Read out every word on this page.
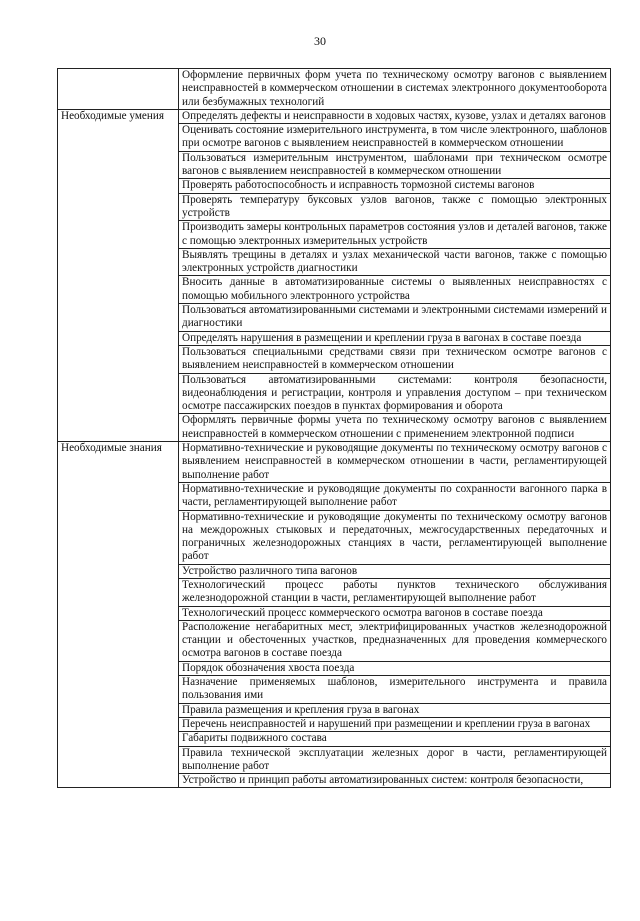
30
	Оформление первичных форм учета по техническому осмотру вагонов с выявлением неисправностей в коммерческом отношении в системах электронного документооборота или безбумажных технологий
Необходимые умения	Определять дефекты и неисправности в ходовых частях, кузове, узлах и деталях вагонов
	Оценивать состояние измерительного инструмента, в том числе электронного, шаблонов при осмотре вагонов с выявлением неисправностей в коммерческом отношении
	Пользоваться измерительным инструментом, шаблонами при техническом осмотре вагонов с выявлением неисправностей в коммерческом отношении
	Проверять работоспособность и исправность тормозной системы вагонов
	Проверять температуру буксовых узлов вагонов, также с помощью электронных устройств
	Производить замеры контрольных параметров состояния узлов и деталей вагонов, также с помощью электронных измерительных устройств
	Выявлять трещины в деталях и узлах механической части вагонов, также с помощью электронных устройств диагностики
	Вносить данные в автоматизированные системы о выявленных неисправностях с помощью мобильного электронного устройства
	Пользоваться автоматизированными системами и электронными системами измерений и диагностики
	Определять нарушения в размещении и креплении груза в вагонах в составе поезда
	Пользоваться специальными средствами связи при техническом осмотре вагонов с выявлением неисправностей в коммерческом отношении
	Пользоваться автоматизированными системами: контроля безопасности, видеонаблюдения и регистрации, контроля и управления доступом – при техническом осмотре пассажирских поездов в пунктах формирования и оборота
	Оформлять первичные формы учета по техническому осмотру вагонов с выявлением неисправностей в коммерческом отношении с применением электронной подписи
Необходимые знания	Нормативно-технические и руководящие документы по техническому осмотру вагонов с выявлением неисправностей в коммерческом отношении в части, регламентирующей выполнение работ
	Нормативно-технические и руководящие документы по сохранности вагонного парка в части, регламентирующей выполнение работ
	Нормативно-технические и руководящие документы по техническому осмотру вагонов на междорожных стыковых и передаточных, межгосударственных передаточных и пограничных железнодорожных станциях в части, регламентирующей выполнение работ
	Устройство различного типа вагонов
	Технологический процесс работы пунктов технического обслуживания железнодорожной станции в части, регламентирующей выполнение работ
	Технологический процесс коммерческого осмотра вагонов в составе поезда
	Расположение негабаритных мест, электрифицированных участков железнодорожной станции и обесточенных участков, предназначенных для проведения коммерческого осмотра вагонов в составе поезда
	Порядок обозначения хвоста поезда
	Назначение применяемых шаблонов, измерительного инструмента и правила пользования ими
	Правила размещения и крепления груза в вагонах
	Перечень неисправностей и нарушений при размещении и креплении груза в вагонах
	Габариты подвижного состава
	Правила технической эксплуатации железных дорог в части, регламентирующей выполнение работ
	Устройство и принцип работы автоматизированных систем: контроля безопасности,
